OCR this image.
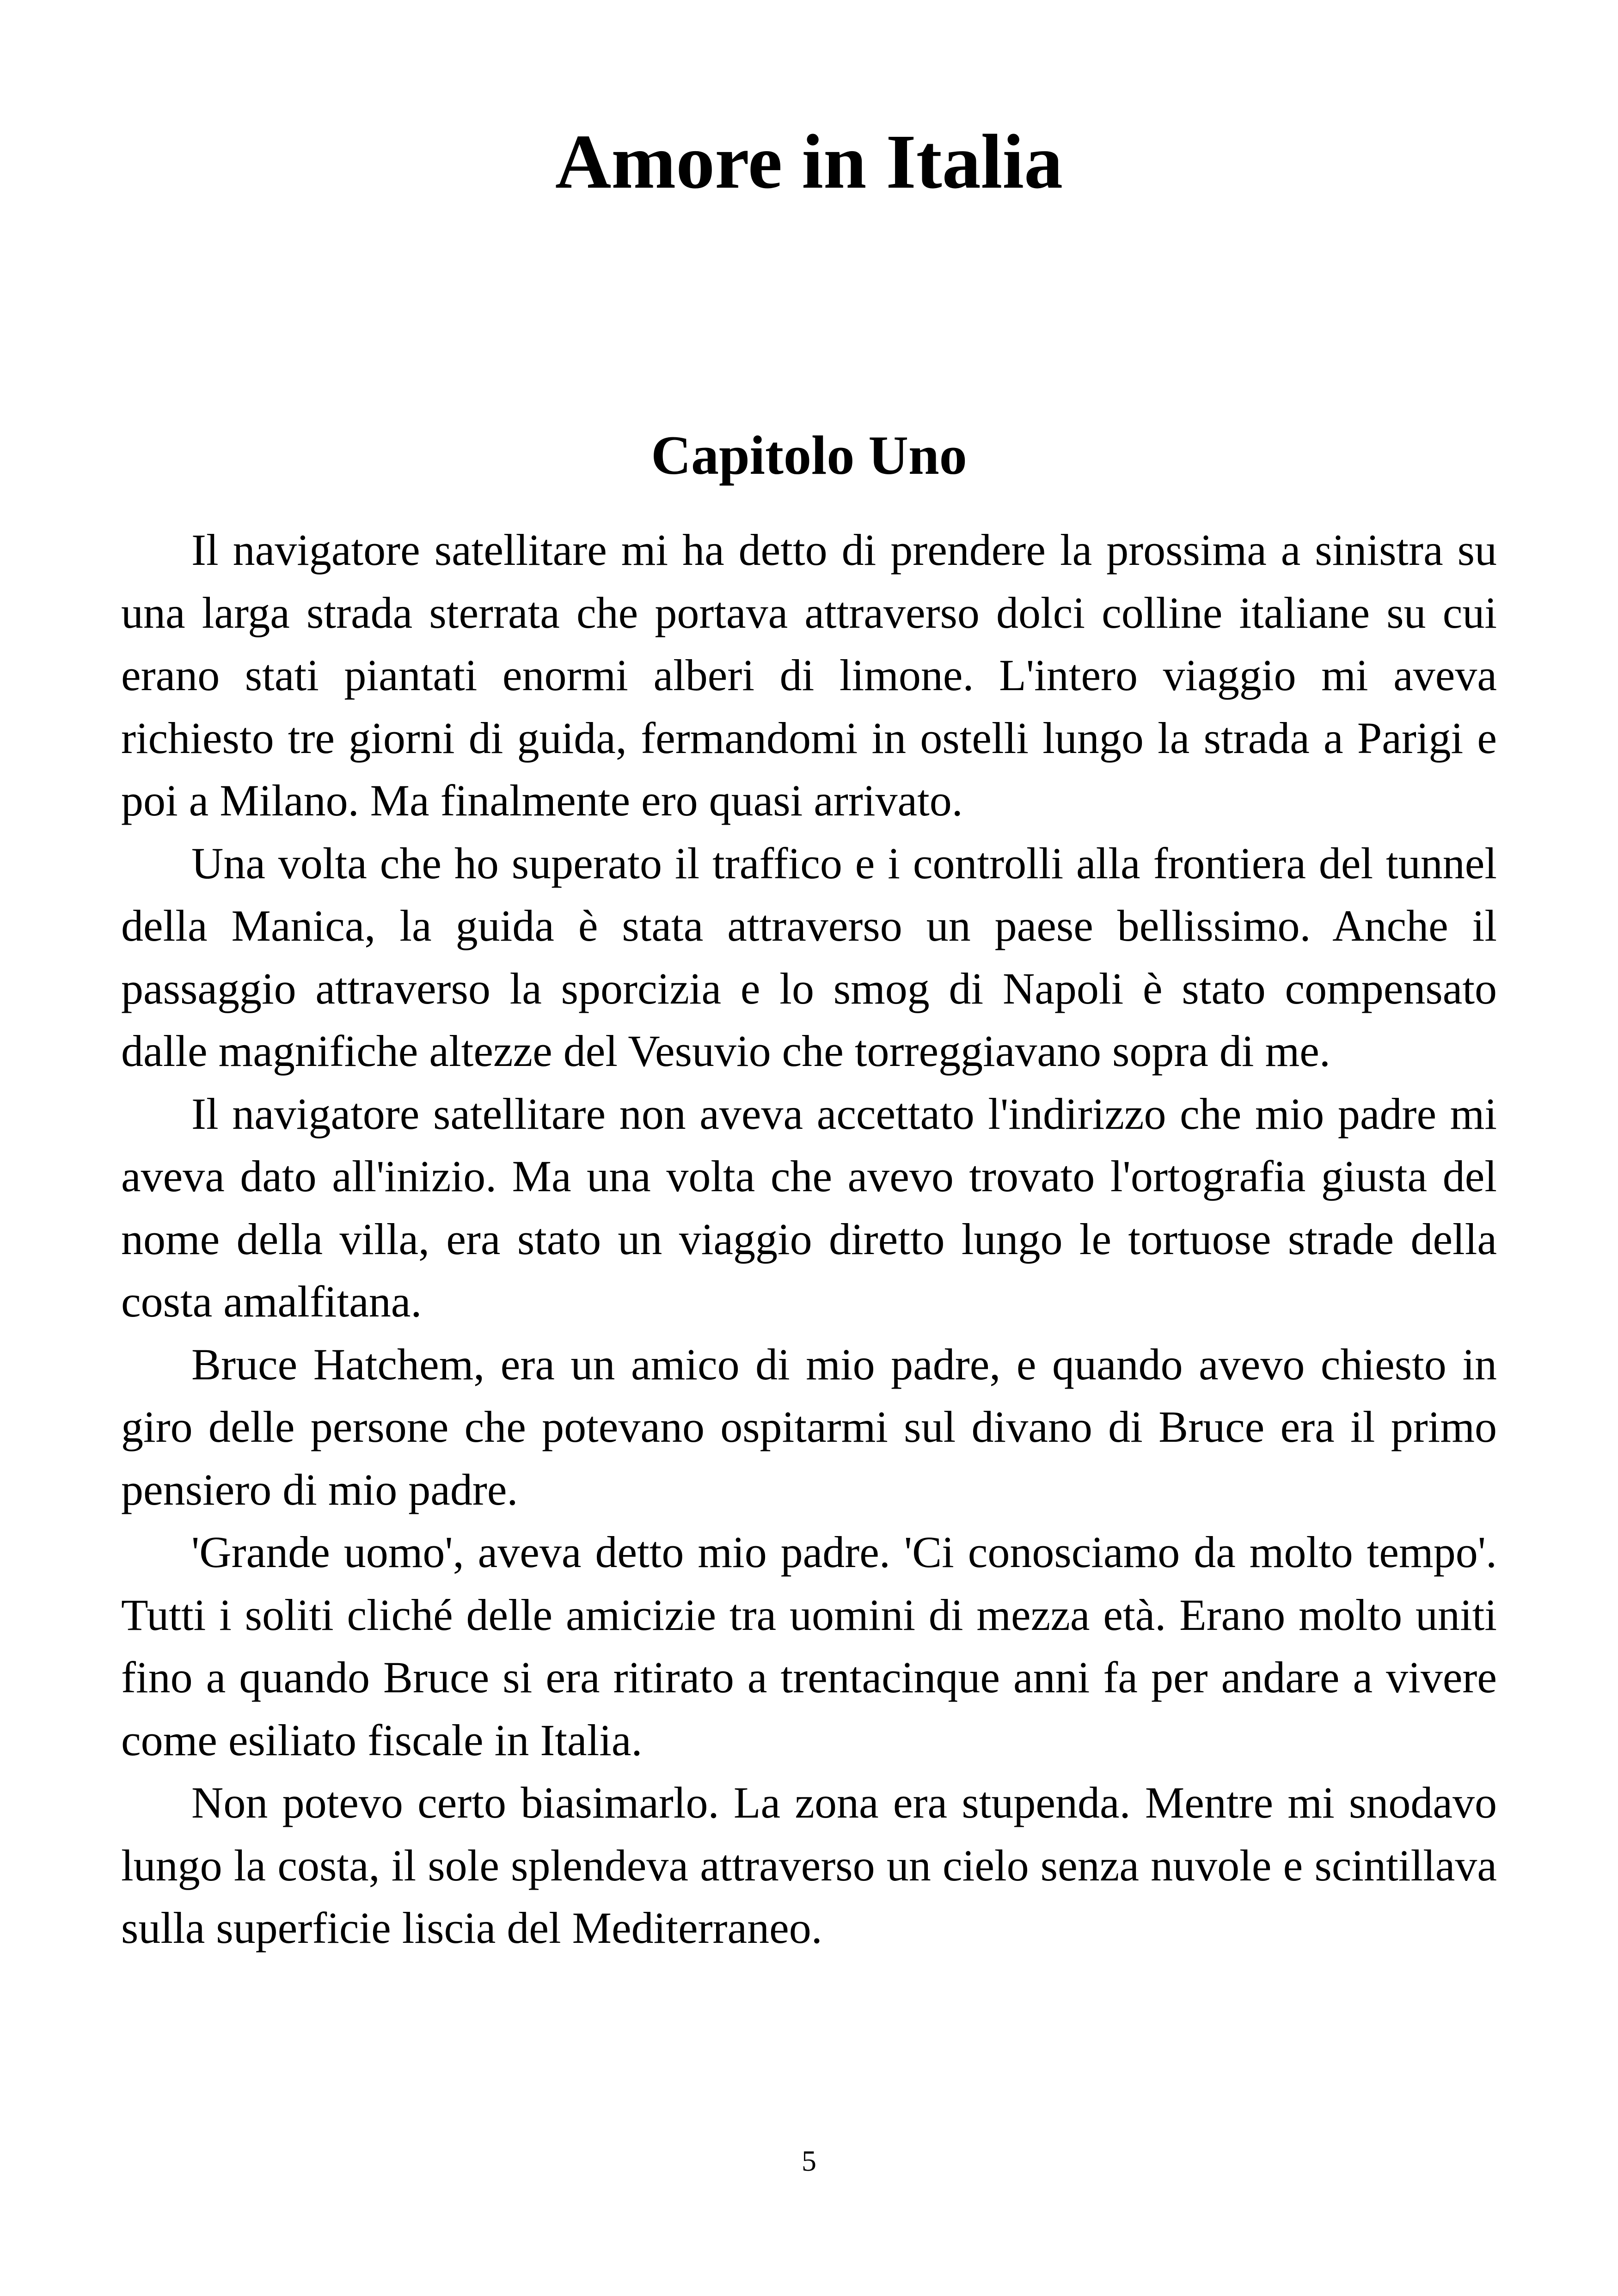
Amore in Italia
Capitolo Uno

Il navigatore satellitare mi ha detto di prendere la prossima a sinistra su una larga strada sterrata che portava attraverso dolci colline italiane su cui erano stati piantati enormi alberi di limone. L'intero viaggio mi aveva richiesto tre giorni di guida, fermandomi in ostelli lungo la strada a Parigi e poi a Milano. Ma finalmente ero quasi arrivato.

Una volta che ho superato il traffico e i controlli alla frontiera del tunnel della Manica, la guida è stata attraverso un paese bellissimo. Anche il passaggio attraverso la sporcizia e lo smog di Napoli è stato compensato dalle magnifiche altezze del Vesuvio che torreggiavano sopra di me.

Il navigatore satellitare non aveva accettato l'indirizzo che mio padre mi aveva dato all'inizio. Ma una volta che avevo trovato l'ortografia giusta del nome della villa, era stato un viaggio diretto lungo le tortuose strade della costa amalfitana.

Bruce Hatchem, era un amico di mio padre, e quando avevo chiesto in giro delle persone che potevano ospitarmi sul divano di Bruce era il primo pensiero di mio padre.

'Grande uomo', aveva detto mio padre. 'Ci conosciamo da molto tempo'. Tutti i soliti cliché delle amicizie tra uomini di mezza età. Erano molto uniti fino a quando Bruce si era ritirato a trentacinque anni fa per andare a vivere come esiliato fiscale in Italia.

Non potevo certo biasimarlo. La zona era stupenda. Mentre mi snodavo lungo la costa, il sole splendeva attraverso un cielo senza nuvole e scintillava sulla superficie liscia del Mediterraneo.

5
